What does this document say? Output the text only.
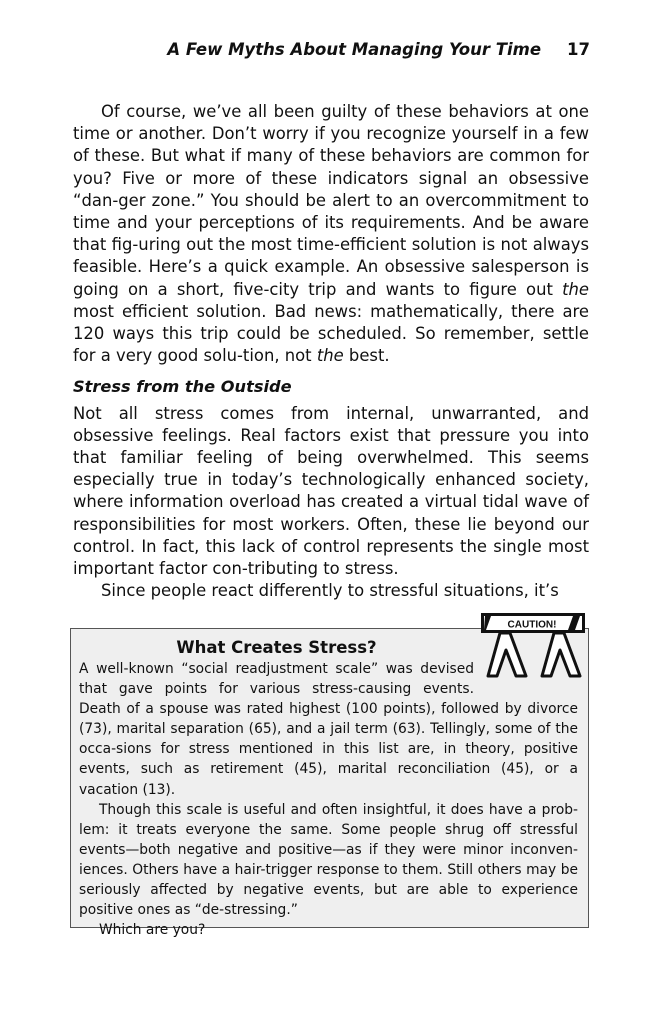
A Few Myths About Managing Your Time 17

Of course, we’ve all been guilty of these behaviors at one time or another. Don’t worry if you recognize yourself in a few of these. But what if many of these behaviors are common for you? Five or more of these indicators signal an obsessive “dan-ger zone.” You should be alert to an overcommitment to time and your perceptions of its requirements. And be aware that fig-uring out the most time-efficient solution is not always feasible. Here’s a quick example. An obsessive salesperson is going on a short, five-city trip and wants to figure out the most efficient solution. Bad news: mathematically, there are 120 ways this trip could be scheduled. So remember, settle for a very good solu-tion, not the best.

Stress from the Outside

Not all stress comes from internal, unwarranted, and obsessive feelings. Real factors exist that pressure you into that familiar feeling of being overwhelmed. This seems especially true in today’s technologically enhanced society, where information overload has created a virtual tidal wave of responsibilities for most workers. Often, these lie beyond our control. In fact, this lack of control represents the single most important factor con-tributing to stress.

Since people react differently to stressful situations, it’s

CAUTION!
What Creates Stress?

A well-known “social readjustment scale” was devised that gave points for various stress-causing events. Death of a spouse was rated highest (100 points), followed by divorce (73), marital separation (65), and a jail term (63). Tellingly, some of the occa-sions for stress mentioned in this list are, in theory, positive events, such as retirement (45), marital reconciliation (45), or a vacation (13).

Though this scale is useful and often insightful, it does have a prob-lem: it treats everyone the same. Some people shrug off stressful events—both negative and positive—as if they were minor inconven-iences. Others have a hair-trigger response to them. Still others may be seriously affected by negative events, but are able to experience positive ones as “de-stressing.”

Which are you?
